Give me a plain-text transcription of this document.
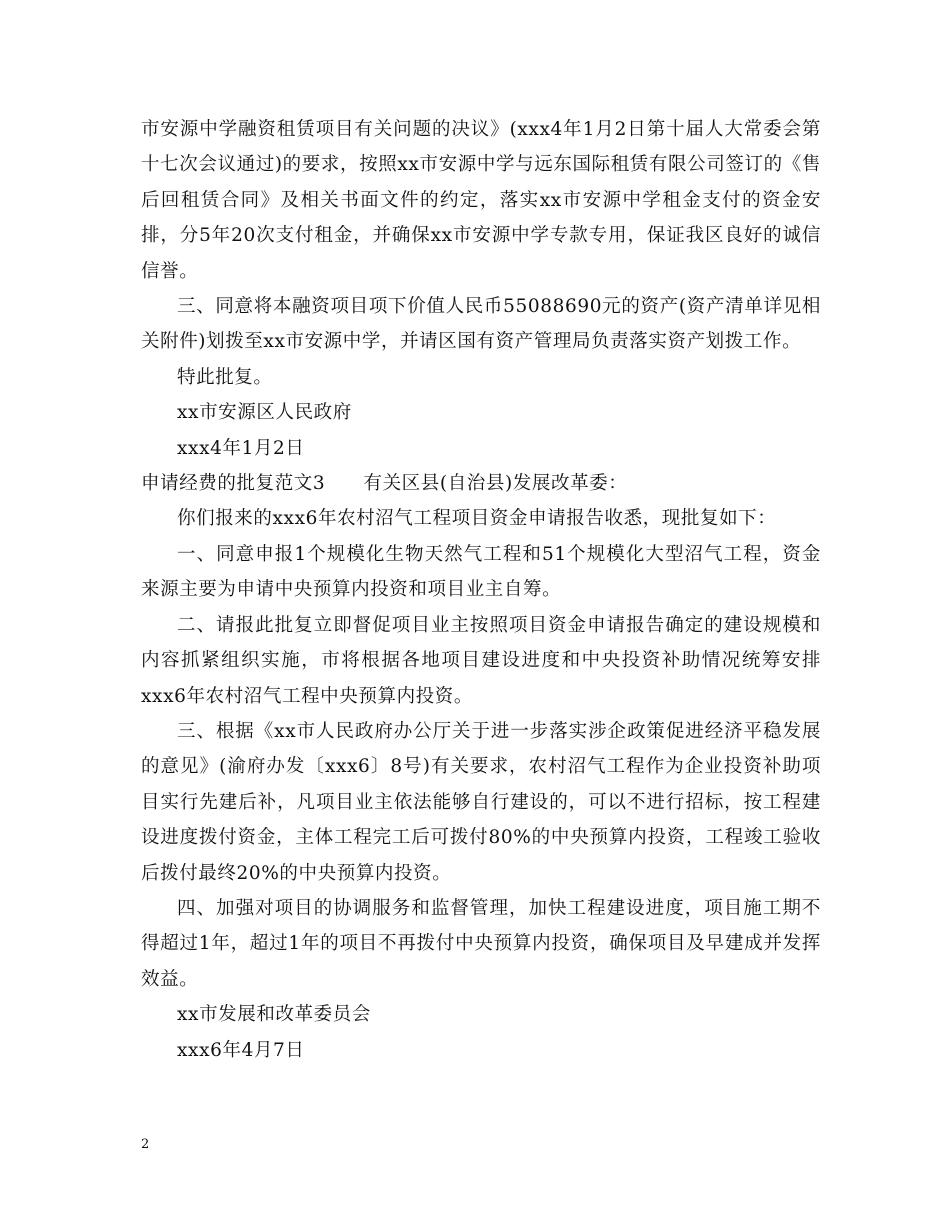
市安源中学融资租赁项目有关问题的决议》(xxx4年1月2日第十届人大常委会第十七次会议通过)的要求，按照xx市安源中学与远东国际租赁有限公司签订的《售后回租赁合同》及相关书面文件的约定，落实xx市安源中学租金支付的资金安排，分5年20次支付租金，并确保xx市安源中学专款专用，保证我区良好的诚信信誉。

三、同意将本融资项目项下价值人民币55088690元的资产(资产清单详见相关附件)划拨至xx市安源中学，并请区国有资产管理局负责落实资产划拨工作。

特此批复。

xx市安源区人民政府

xxx4年1月2日

申请经费的批复范文3　　有关区县(自治县)发展改革委：

你们报来的xxx6年农村沼气工程项目资金申请报告收悉，现批复如下：

一、同意申报1个规模化生物天然气工程和51个规模化大型沼气工程，资金来源主要为申请中央预算内投资和项目业主自筹。

二、请报此批复立即督促项目业主按照项目资金申请报告确定的建设规模和内容抓紧组织实施，市将根据各地项目建设进度和中央投资补助情况统筹安排xxx6年农村沼气工程中央预算内投资。

三、根据《xx市人民政府办公厅关于进一步落实涉企政策促进经济平稳发展的意见》(渝府办发〔xxx6〕8号)有关要求，农村沼气工程作为企业投资补助项目实行先建后补，凡项目业主依法能够自行建设的，可以不进行招标，按工程建设进度拨付资金，主体工程完工后可拨付80%的中央预算内投资，工程竣工验收后拨付最终20%的中央预算内投资。

四、加强对项目的协调服务和监督管理，加快工程建设进度，项目施工期不得超过1年，超过1年的项目不再拨付中央预算内投资，确保项目及早建成并发挥效益。

xx市发展和改革委员会

xxx6年4月7日

2
